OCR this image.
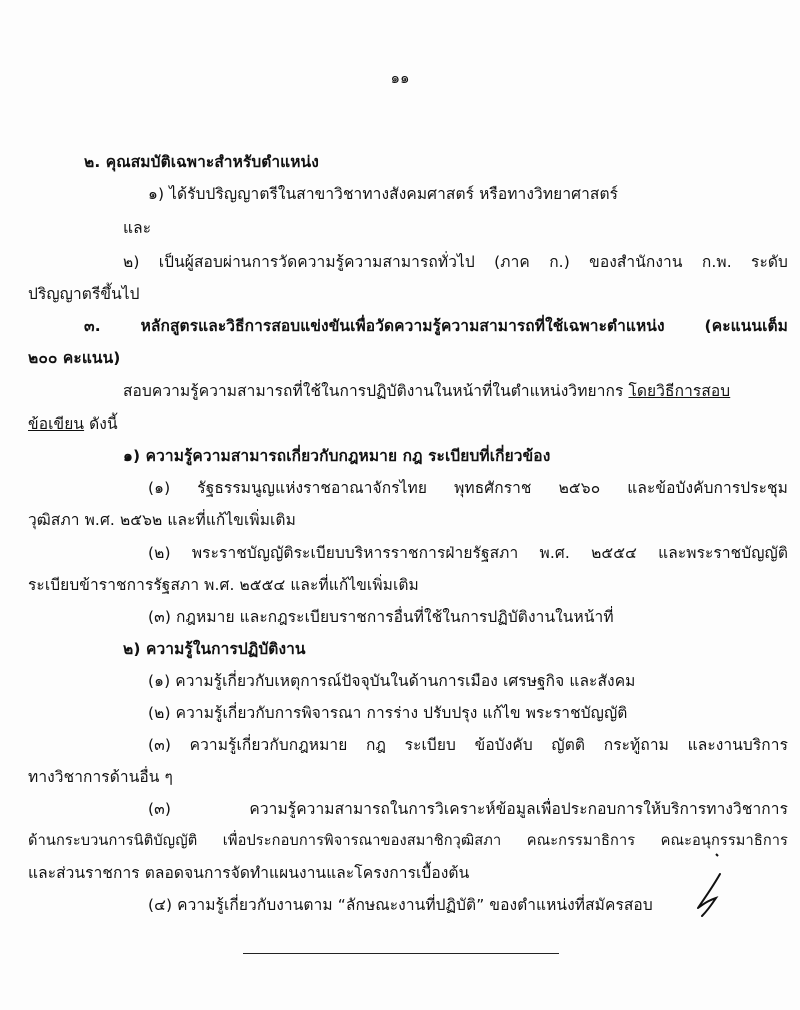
๑๑
๒. คุณสมบัติเฉพาะสำหรับตำแหน่ง
๑) ได้รับปริญญาตรีในสาขาวิชาทางสังคมศาสตร์ หรือทางวิทยาศาสตร์
และ
๒) เป็นผู้สอบผ่านการวัดความรู้ความสามารถทั่วไป (ภาค ก.) ของสำนักงาน ก.พ. ระดับ
ปริญญาตรีขึ้นไป
๓. หลักสูตรและวิธีการสอบแข่งขันเพื่อวัดความรู้ความสามารถที่ใช้เฉพาะตำแหน่ง (คะแนนเต็ม
๒๐๐ คะแนน)
สอบความรู้ความสามารถที่ใช้ในการปฏิบัติงานในหน้าที่ในตำแหน่งวิทยากร โดยวิธีการสอบ
ข้อเขียน ดังนี้
๑) ความรู้ความสามารถเกี่ยวกับกฎหมาย กฎ ระเบียบที่เกี่ยวข้อง
(๑) รัฐธรรมนูญแห่งราชอาณาจักรไทย พุทธศักราช ๒๕๖๐ และข้อบังคับการประชุม
วุฒิสภา พ.ศ. ๒๕๖๒ และที่แก้ไขเพิ่มเติม
(๒) พระราชบัญญัติระเบียบบริหารราชการฝ่ายรัฐสภา พ.ศ. ๒๕๕๔ และพระราชบัญญัติ
ระเบียบข้าราชการรัฐสภา พ.ศ. ๒๕๕๔ และที่แก้ไขเพิ่มเติม
(๓) กฎหมาย และกฎระเบียบราชการอื่นที่ใช้ในการปฏิบัติงานในหน้าที่
๒) ความรู้ในการปฏิบัติงาน
(๑) ความรู้เกี่ยวกับเหตุการณ์ปัจจุบันในด้านการเมือง เศรษฐกิจ และสังคม
(๒) ความรู้เกี่ยวกับการพิจารณา การร่าง ปรับปรุง แก้ไข พระราชบัญญัติ
(๓) ความรู้เกี่ยวกับกฎหมาย กฎ ระเบียบ ข้อบังคับ ญัตติ กระทู้ถาม และงานบริการ
ทางวิชาการด้านอื่น ๆ
(๓) ความรู้ความสามารถในการวิเคราะห์ข้อมูลเพื่อประกอบการให้บริการทางวิชาการ
ด้านกระบวนการนิติบัญญัติ เพื่อประกอบการพิจารณาของสมาชิกวุฒิสภา คณะกรรมาธิการ คณะอนุกรรมาธิการ
และส่วนราชการ ตลอดจนการจัดทำแผนงานและโครงการเบื้องต้น
(๔) ความรู้เกี่ยวกับงานตาม “ลักษณะงานที่ปฏิบัติ” ของตำแหน่งที่สมัครสอบ
